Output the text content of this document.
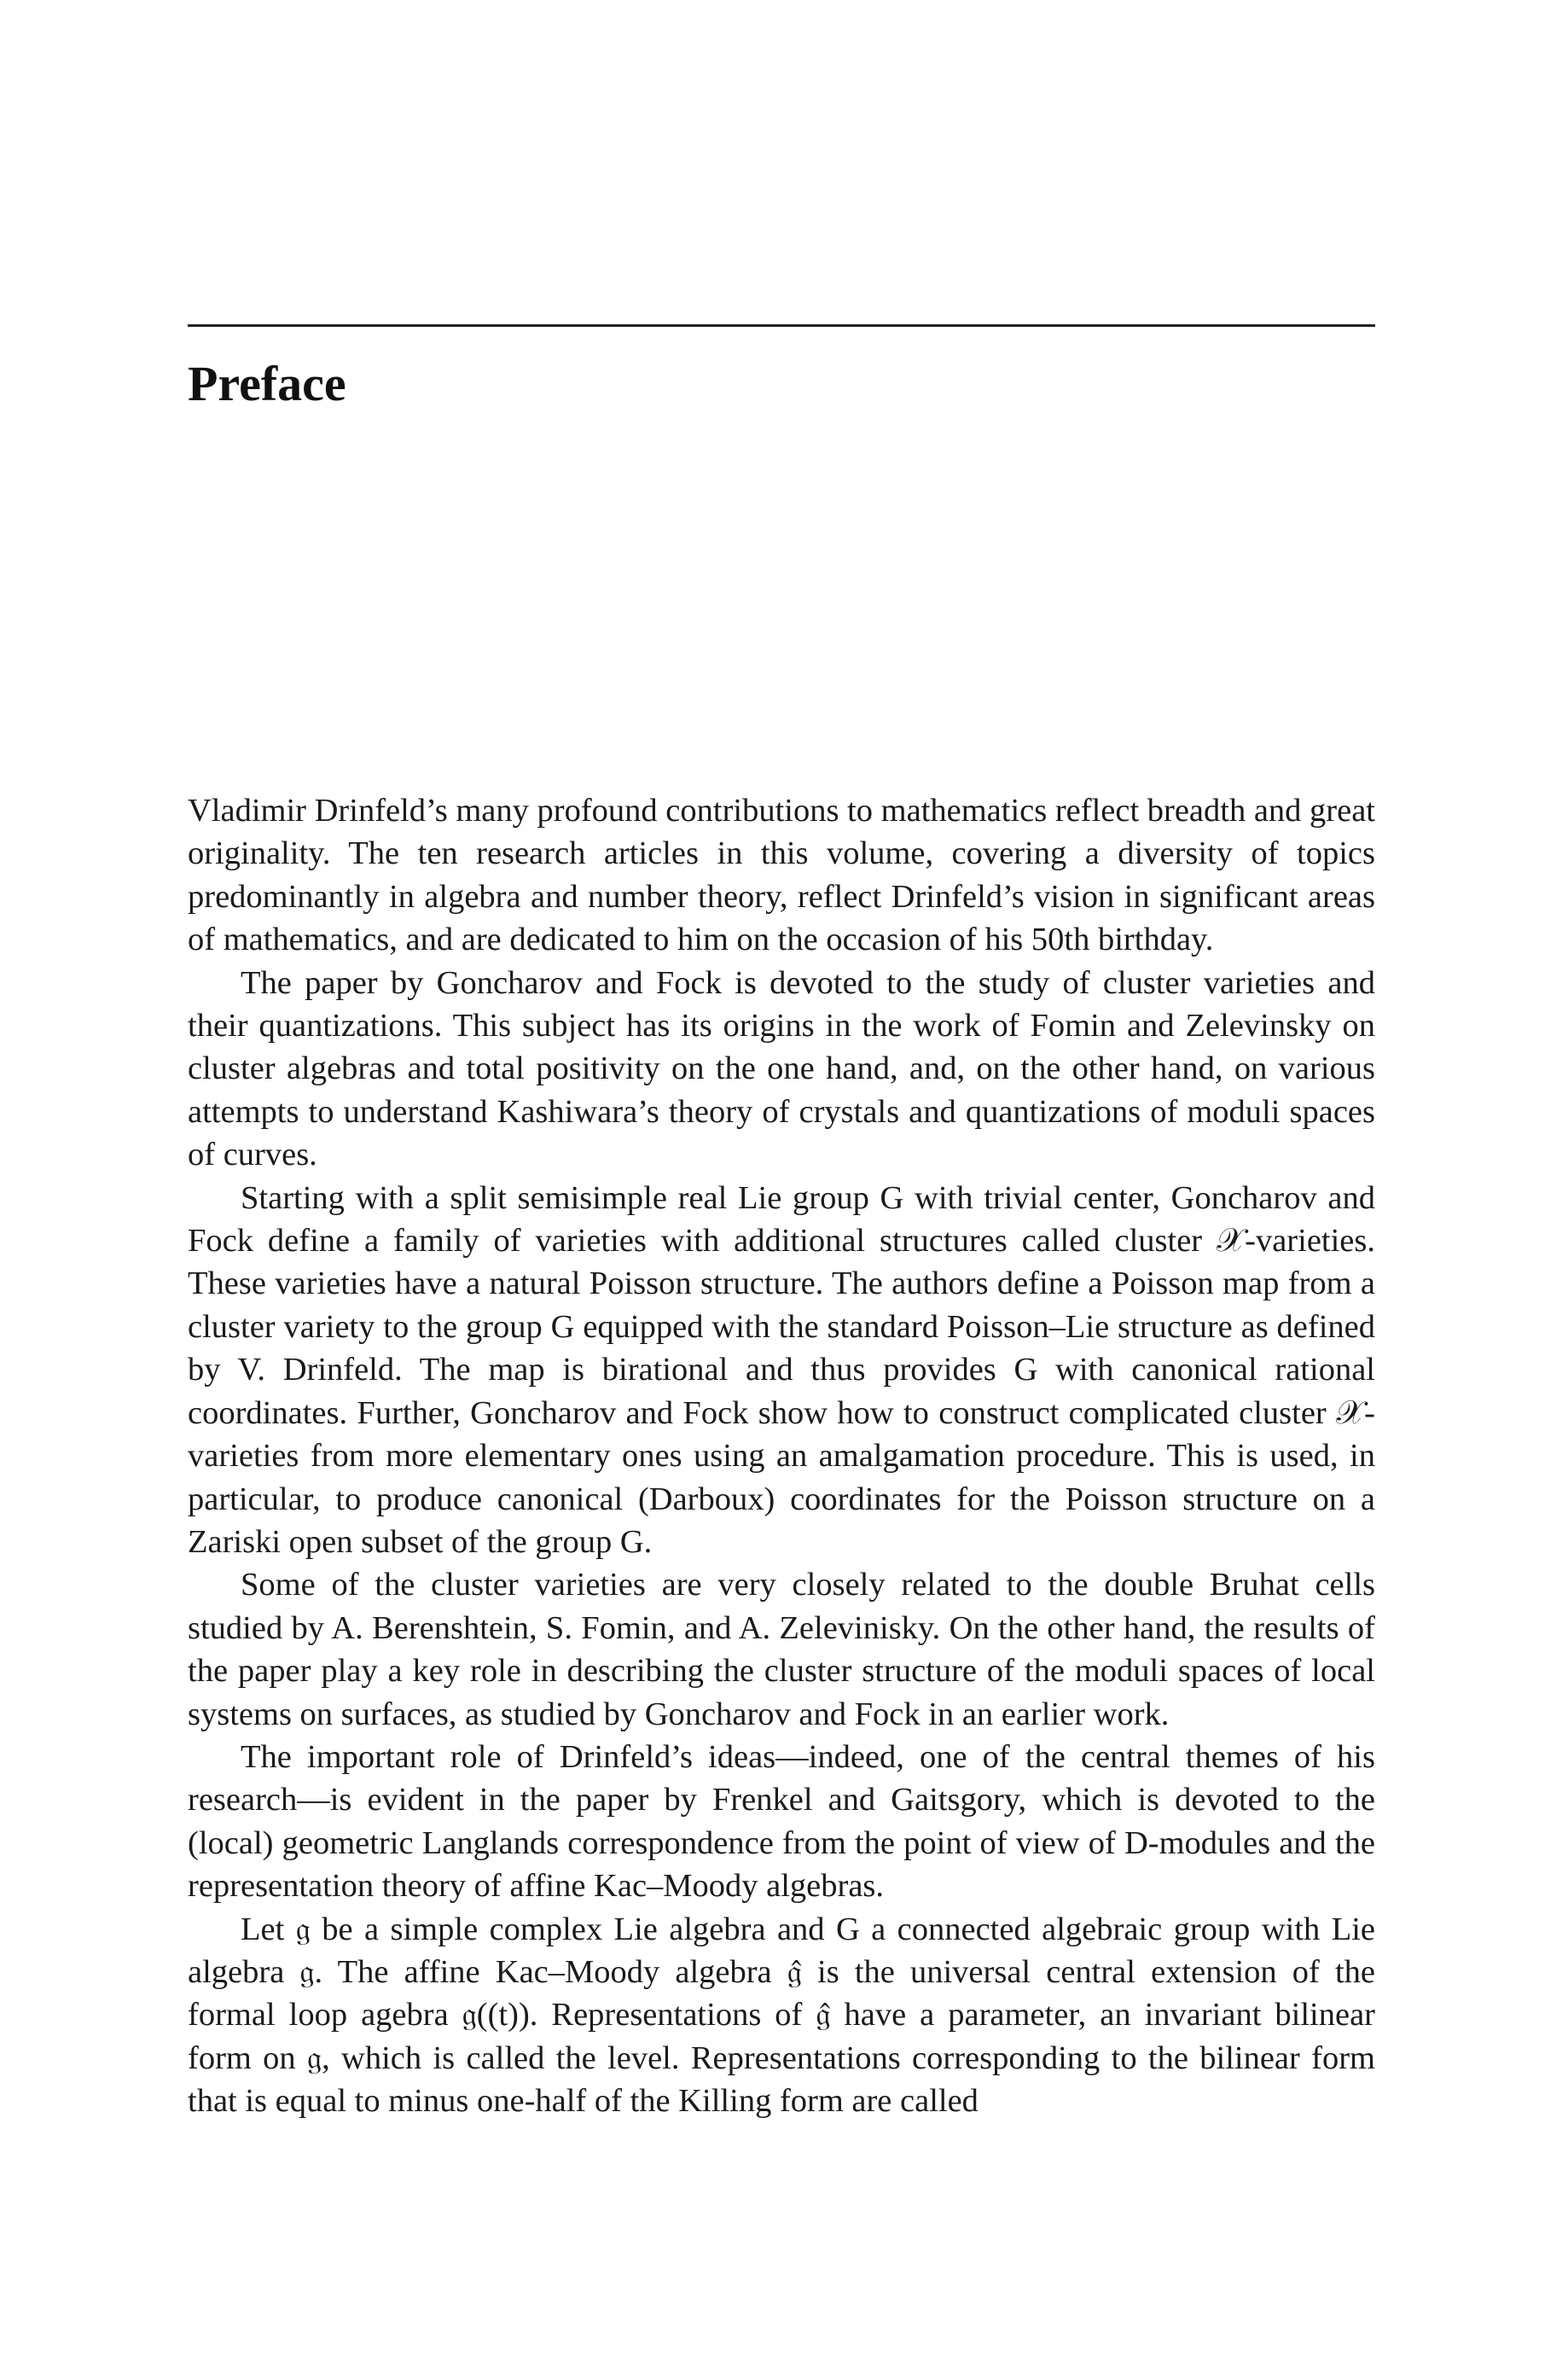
Preface

Vladimir Drinfeld’s many profound contributions to mathematics reflect breadth and great originality. The ten research articles in this volume, covering a diversity of topics predominantly in algebra and number theory, reflect Drinfeld’s vision in significant areas of mathematics, and are dedicated to him on the occasion of his 50th birthday.

The paper by Goncharov and Fock is devoted to the study of cluster varieties and their quantizations. This subject has its origins in the work of Fomin and Zelevinsky on cluster algebras and total positivity on the one hand, and, on the other hand, on various attempts to understand Kashiwara’s theory of crystals and quantizations of moduli spaces of curves.

Starting with a split semisimple real Lie group G with trivial center, Goncharov and Fock define a family of varieties with additional structures called cluster 𝒳-varieties. These varieties have a natural Poisson structure. The authors define a Poisson map from a cluster variety to the group G equipped with the standard Poisson–Lie structure as defined by V. Drinfeld. The map is birational and thus provides G with canonical rational coordinates. Further, Goncharov and Fock show how to construct complicated cluster 𝒳-varieties from more elementary ones using an amalgamation procedure. This is used, in particular, to produce canonical (Darboux) coordinates for the Poisson structure on a Zariski open subset of the group G.

Some of the cluster varieties are very closely related to the double Bruhat cells studied by A. Berenshtein, S. Fomin, and A. Zelevinisky. On the other hand, the results of the paper play a key role in describing the cluster structure of the moduli spaces of local systems on surfaces, as studied by Goncharov and Fock in an earlier work.

The important role of Drinfeld’s ideas—indeed, one of the central themes of his research—is evident in the paper by Frenkel and Gaitsgory, which is devoted to the (local) geometric Langlands correspondence from the point of view of D-modules and the representation theory of affine Kac–Moody algebras.

Let 𝔤 be a simple complex Lie algebra and G a connected algebraic group with Lie algebra 𝔤. The affine Kac–Moody algebra 𝔤̂ is the universal central extension of the formal loop agebra 𝔤((t)). Representations of 𝔤̂ have a parameter, an invariant bilinear form on 𝔤, which is called the level. Representations corresponding to the bilinear form that is equal to minus one-half of the Killing form are called
